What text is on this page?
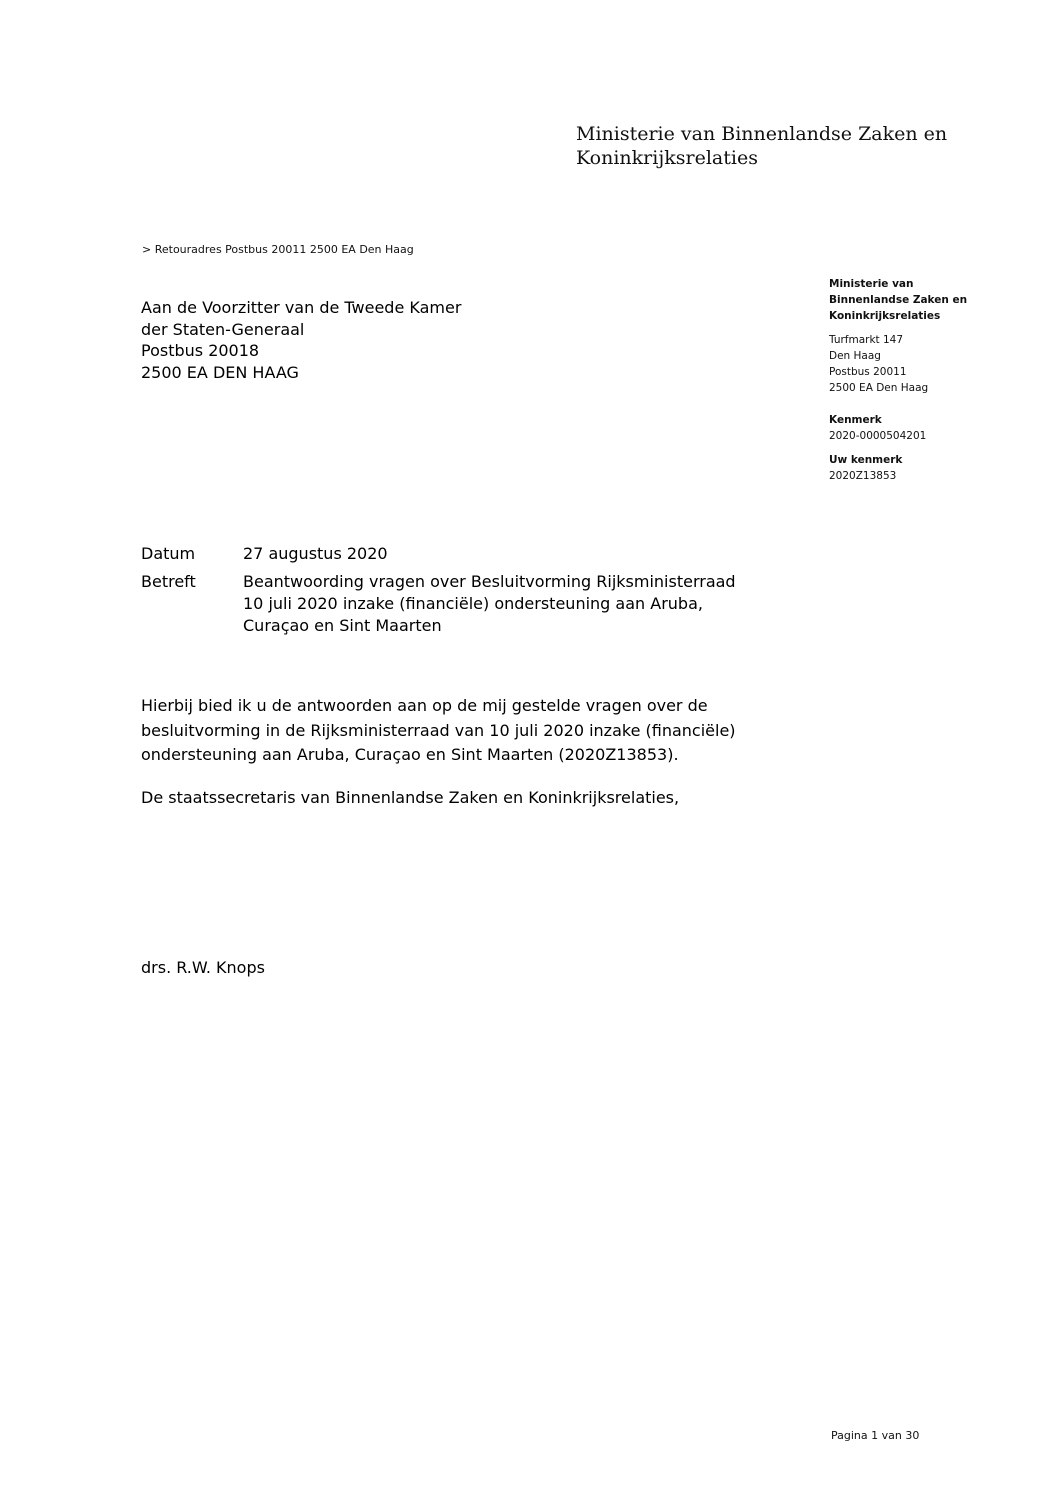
Ministerie van Binnenlandse Zaken en
Koninkrijksrelaties
> Retouradres Postbus 20011 2500 EA Den Haag
Aan de Voorzitter van de Tweede Kamer
der Staten-Generaal
Postbus 20018
2500 EA DEN HAAG
Ministerie van
Binnenlandse Zaken en
Koninkrijksrelaties
Turfmarkt 147
Den Haag
Postbus 20011
2500 EA Den Haag
Kenmerk
2020-0000504201
Uw kenmerk
2020Z13853
Datum	27 augustus 2020
Betreft	Beantwoording vragen over Besluitvorming Rijksministerraad
10 juli 2020 inzake (financiële) ondersteuning aan Aruba,
Curaçao en Sint Maarten
Hierbij bied ik u de antwoorden aan op de mij gestelde vragen over de
besluitvorming in de Rijksministerraad van 10 juli 2020 inzake (financiële)
ondersteuning aan Aruba, Curaçao en Sint Maarten (2020Z13853).
De staatssecretaris van Binnenlandse Zaken en Koninkrijksrelaties,
drs. R.W. Knops
Pagina 1 van 30
